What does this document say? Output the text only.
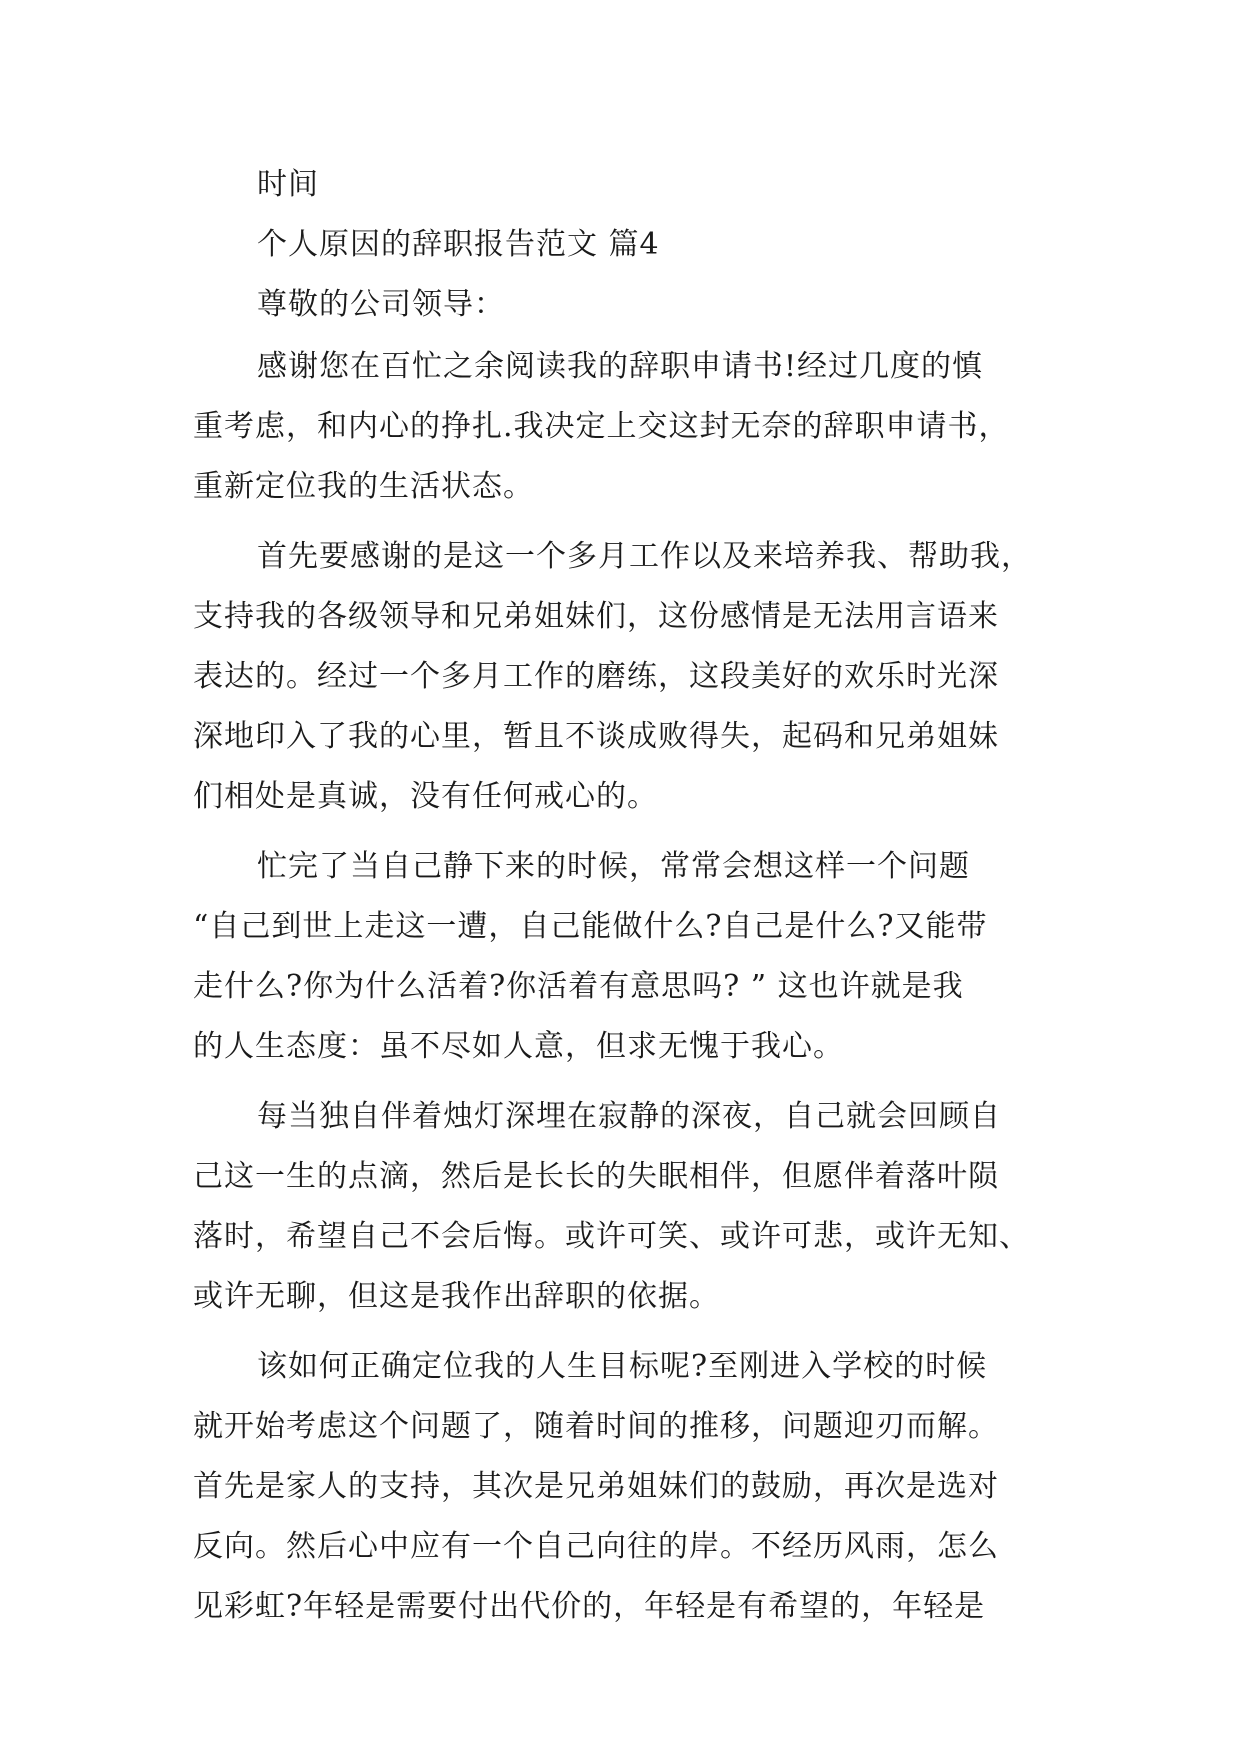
时间
个人原因的辞职报告范文 篇4
尊敬的公司领导：
感谢您在百忙之余阅读我的辞职申请书!经过几度的慎
重考虑，和内心的挣扎.我决定上交这封无奈的辞职申请书，
重新定位我的生活状态。
首先要感谢的是这一个多月工作以及来培养我、帮助我，
支持我的各级领导和兄弟姐妹们，这份感情是无法用言语来
表达的。经过一个多月工作的磨练，这段美好的欢乐时光深
深地印入了我的心里，暂且不谈成败得失，起码和兄弟姐妹
们相处是真诚，没有任何戒心的。
忙完了当自己静下来的时候，常常会想这样一个问题
“自己到世上走这一遭，自己能做什么?自己是什么?又能带
走什么?你为什么活着?你活着有意思吗? ” 这也许就是我
的人生态度：虽不尽如人意，但求无愧于我心。
每当独自伴着烛灯深埋在寂静的深夜，自己就会回顾自
己这一生的点滴，然后是长长的失眠相伴，但愿伴着落叶陨
落时，希望自己不会后悔。或许可笑、或许可悲，或许无知、
或许无聊，但这是我作出辞职的依据。
该如何正确定位我的人生目标呢?至刚进入学校的时候
就开始考虑这个问题了，随着时间的推移，问题迎刃而解。
首先是家人的支持，其次是兄弟姐妹们的鼓励，再次是选对
反向。然后心中应有一个自己向往的岸。不经历风雨，怎么
见彩虹?年轻是需要付出代价的，年轻是有希望的，年轻是
